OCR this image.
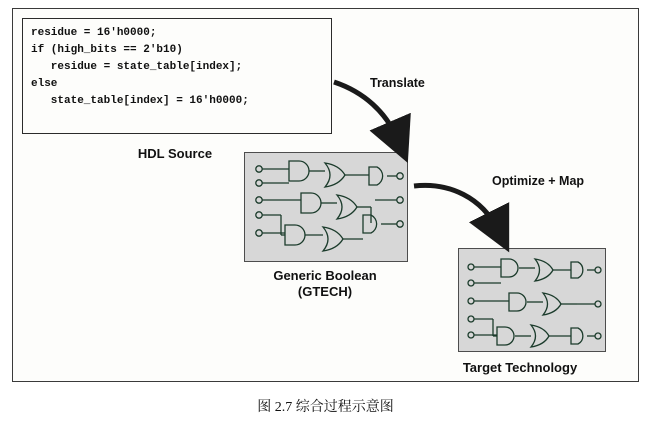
residue = 16'h0000;
if (high_bits == 2'b10)
residue = state_table[index];
else
state_table[index] = 16'h0000;
HDL Source
Generic Boolean
(GTECH)
Target Technology
Translate
Optimize + Map
图 2.7 综合过程示意图
